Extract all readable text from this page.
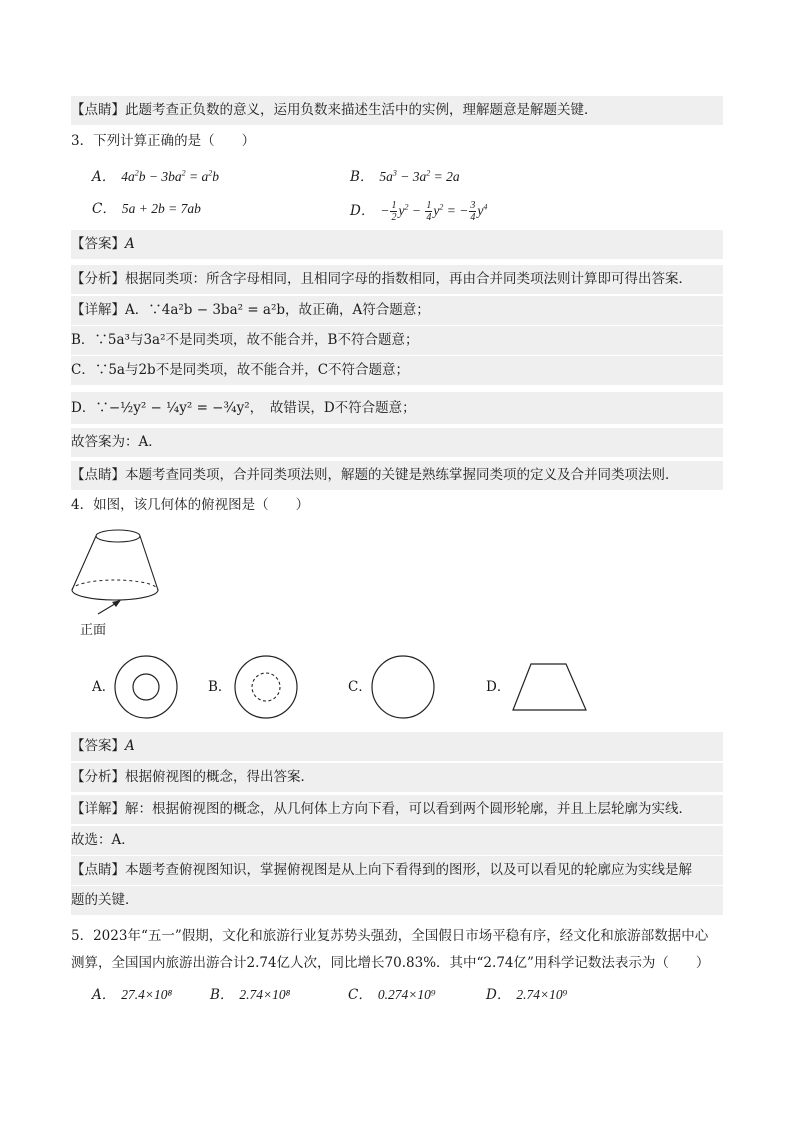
【点睛】此题考查正负数的意义，运用负数来描述生活中的实例，理解题意是解题关键．
3．下列计算正确的是（　　）
A． $4a^2b - 3ba^2 = a^2b$	B． $5a^3 - 3a^2 = 2a$
C． 5a + 2b = 7ab	D． − $\frac{1}{2} y^2 - \frac{1}{4} y^2$ = − $\frac{3}{4} y^4$
【答案】A
【分析】根据同类项：所含字母相同，且相同字母的指数相同，再由合并同类项法则计算即可得出答案．
【详解】A．∵4a²b − 3ba² = a²b，故正确，A符合题意；
B．∵5a³与3a²不是同类项，故不能合并，B不符合题意；
C．∵5a与2b不是同类项，故不能合并，C不符合题意；
D．∵−½y² − ¼y² = −¾y²，　故错误，D不符合题意；
故答案为：A．
【点睛】本题考查同类项，合并同类项法则，解题的关键是熟练掌握同类项的定义及合并同类项法则．
4．如图，该几何体的俯视图是（　　）
正面
A．	B．	C．	D．
【答案】A
【分析】根据俯视图的概念，得出答案．
【详解】解：根据俯视图的概念，从几何体上方向下看，可以看到两个圆形轮廓，并且上层轮廓为实线．
故选：A．
【点睛】本题考查俯视图知识，掌握俯视图是从上向下看得到的图形，以及可以看见的轮廓应为实线是解
题的关键．
5．2023年“五一”假期，文化和旅游行业复苏势头强劲，全国假日市场平稳有序，经文化和旅游部数据中心
测算，全国国内旅游出游合计2.74亿人次，同比增长70.83%．其中“2.74亿”用科学记数法表示为（　　）
A． 27.4×10⁸	B． 2.74×10⁸	C． 0.274×10⁹	D． 2.74×10⁹
